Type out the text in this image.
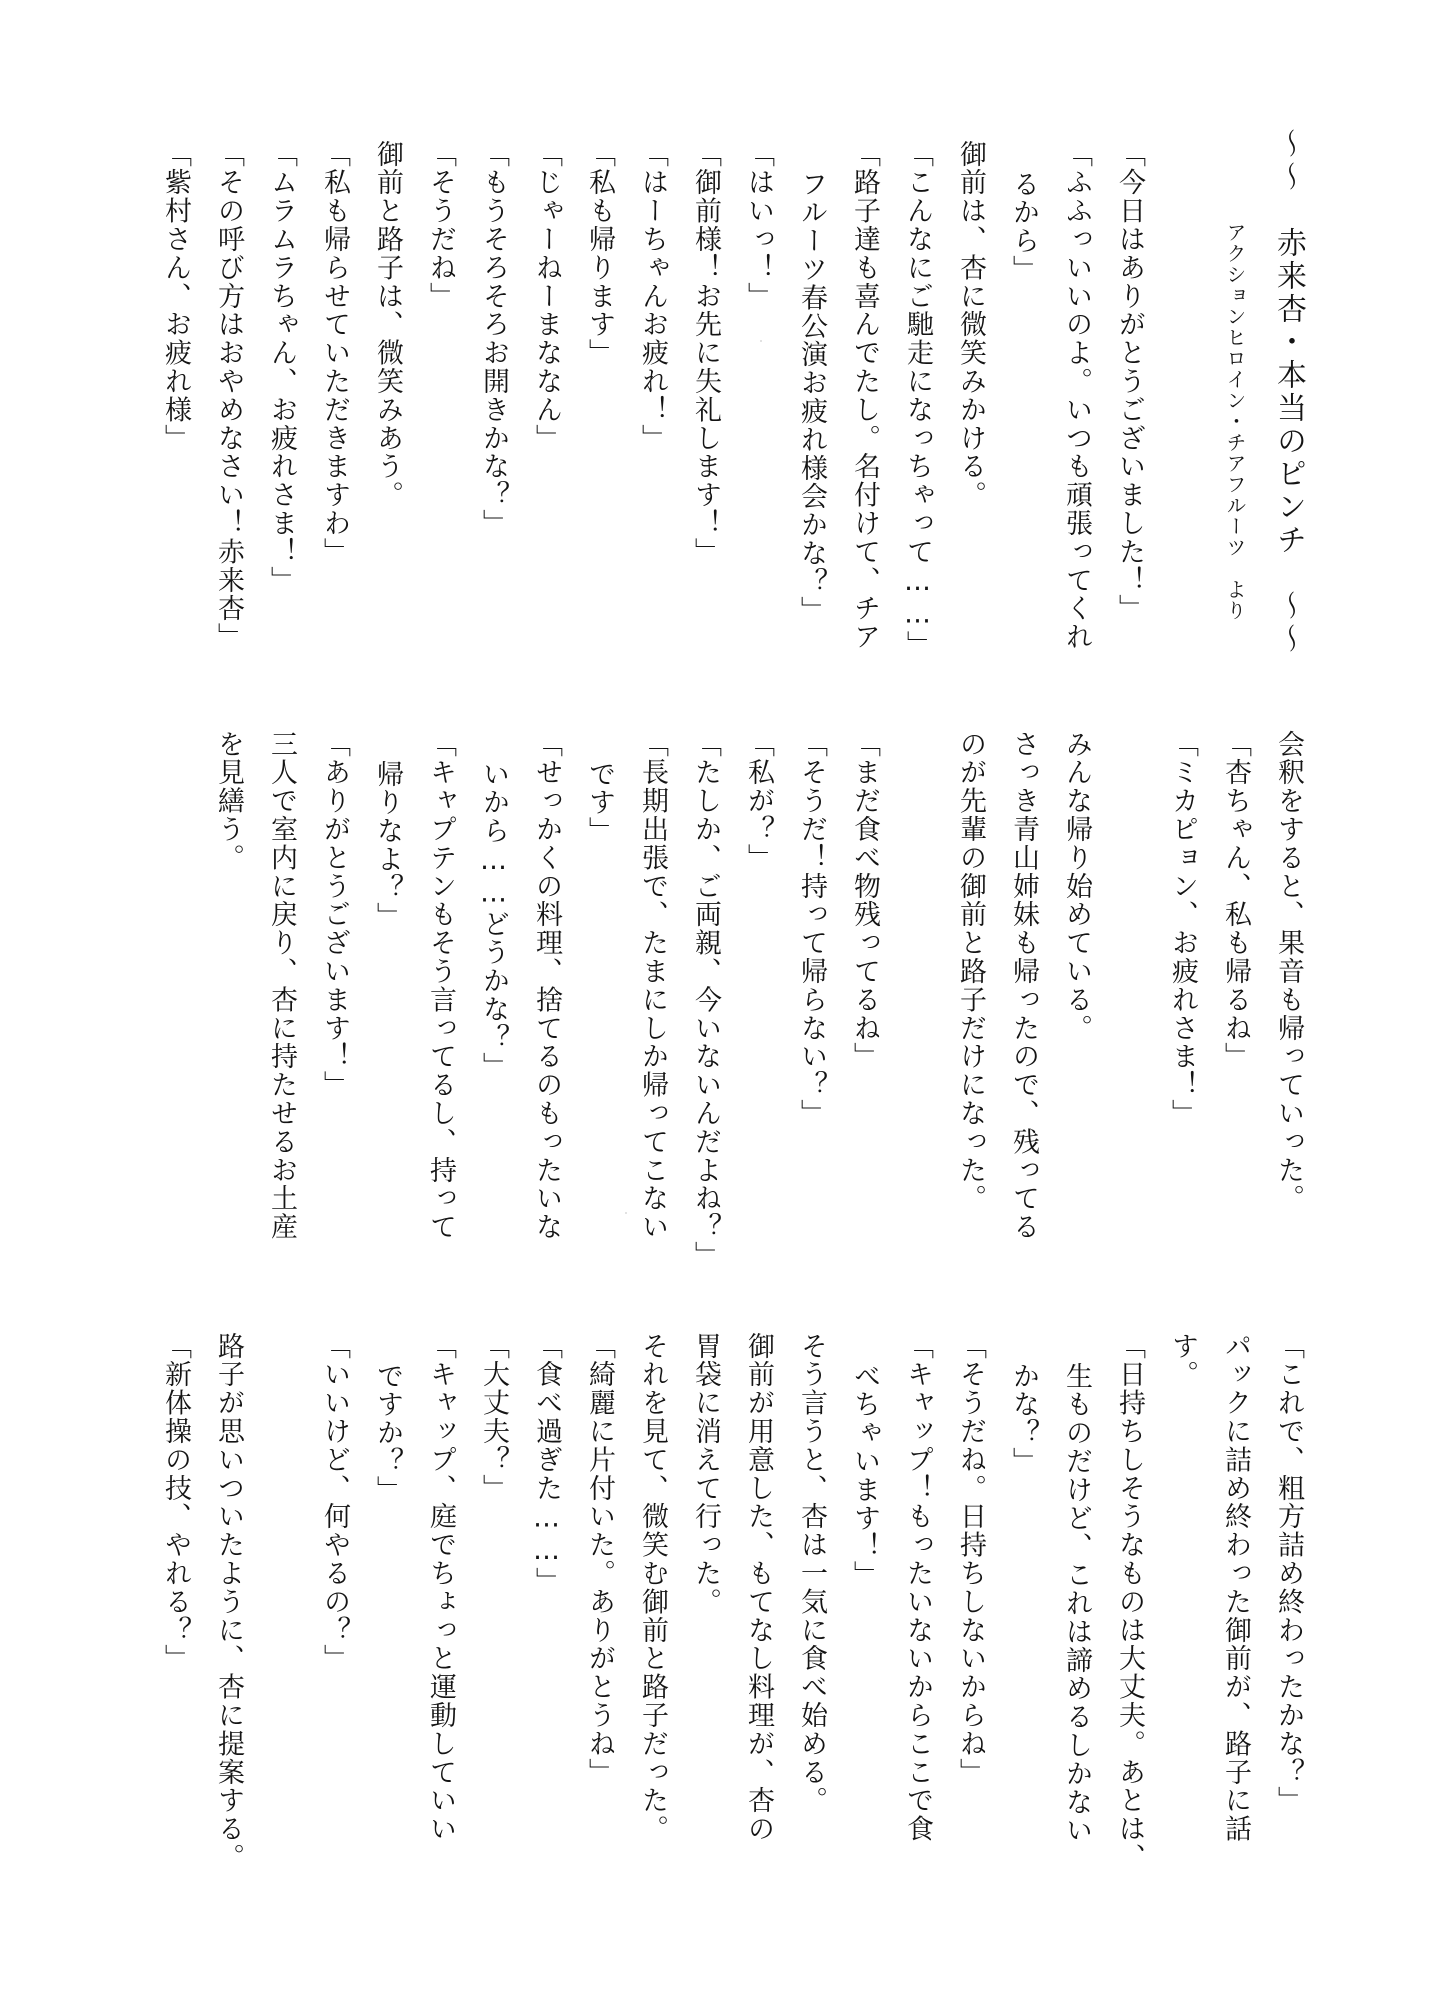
〜〜　赤来杏・本当のピンチ　〜〜
アクションヒロイン・チアフルーツ　より
「今日はありがとうございました！」
「ふふっいいのよ。いつも頑張ってくれ
るから」
御前は、杏に微笑みかける。
「こんなにご馳走になっちゃって……」
「路子達も喜んでたし。名付けて、チア
フルーツ春公演お疲れ様会かな？」
「はいっ！」
「御前様！お先に失礼します！」
「はーちゃんお疲れ！」
「私も帰ります」
「じゃーねーまななん」
「もうそろそろお開きかな？」
「そうだね」
御前と路子は、微笑みあう。
「私も帰らせていただきますわ」
「ムラムラちゃん、お疲れさま！」
「その呼び方はおやめなさい！赤来杏」
「紫村さん、お疲れ様」
会釈をすると、果音も帰っていった。
「杏ちゃん、私も帰るね」
「ミカピョン、お疲れさま！」
みんな帰り始めている。
さっき青山姉妹も帰ったので、残ってる
のが先輩の御前と路子だけになった。
「まだ食べ物残ってるね」
「そうだ！持って帰らない？」
「私が？」
「たしか、ご両親、今いないんだよね？」
「長期出張で、たまにしか帰ってこない
です」
「せっかくの料理、捨てるのもったいな
いから……どうかな？」
「キャプテンもそう言ってるし、持って
帰りなよ？」
「ありがとうございます！」
三人で室内に戻り、杏に持たせるお土産
を見繕う。
「これで、粗方詰め終わったかな？」
パックに詰め終わった御前が、路子に話
す。
「日持ちしそうなものは大丈夫。あとは、
生ものだけど、これは諦めるしかない
かな？」
「そうだね。日持ちしないからね」
「キャップ！もったいないからここで食
べちゃいます！」
そう言うと、杏は一気に食べ始める。
御前が用意した、もてなし料理が、杏の
胃袋に消えて行った。
それを見て、微笑む御前と路子だった。
「綺麗に片付いた。ありがとうね」
「食べ過ぎた……」
「大丈夫？」
「キャップ、庭でちょっと運動していい
ですか？」
「いいけど、何やるの？」
路子が思いついたように、杏に提案する。
「新体操の技、やれる？」
